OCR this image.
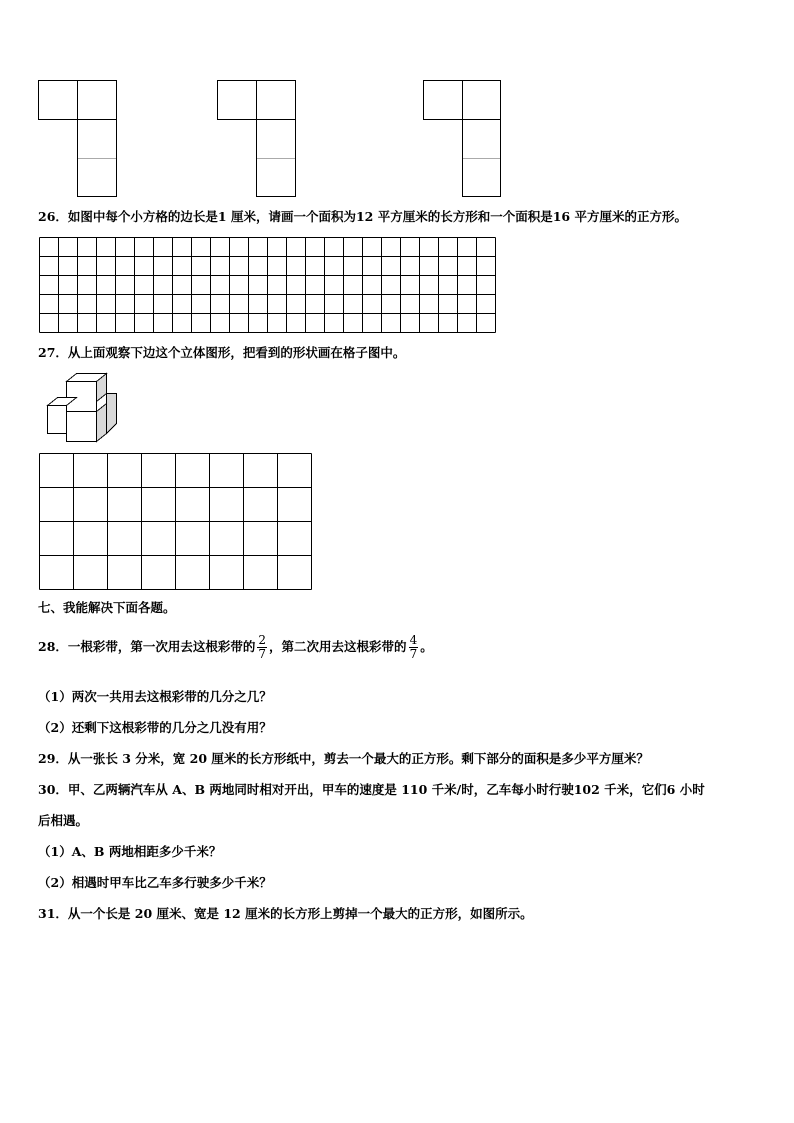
26．如图中每个小方格的边长是1 厘米，请画一个面积为12 平方厘米的长方形和一个面积是16 平方厘米的正方形。
27．从上面观察下边这个立体图形，把看到的形状画在格子图中。
七、我能解决下面各题。
28．一根彩带，第一次用去这根彩带的 $\frac{2}{7}$ ，第二次用去这根彩带的 $\frac{4}{7}$ 。
（1）两次一共用去这根彩带的几分之几？
（2）还剩下这根彩带的几分之几没有用？
29．从一张长 3 分米，宽 20 厘米的长方形纸中，剪去一个最大的正方形。剩下部分的面积是多少平方厘米？
30．甲、乙两辆汽车从 A、B 两地同时相对开出，甲车的速度是 110 千米/时，乙车每小时行驶102 千米，它们6 小时
后相遇。
（1）A、B 两地相距多少千米？
（2）相遇时甲车比乙车多行驶多少千米？
31．从一个长是 20 厘米、宽是 12 厘米的长方形上剪掉一个最大的正方形，如图所示。
